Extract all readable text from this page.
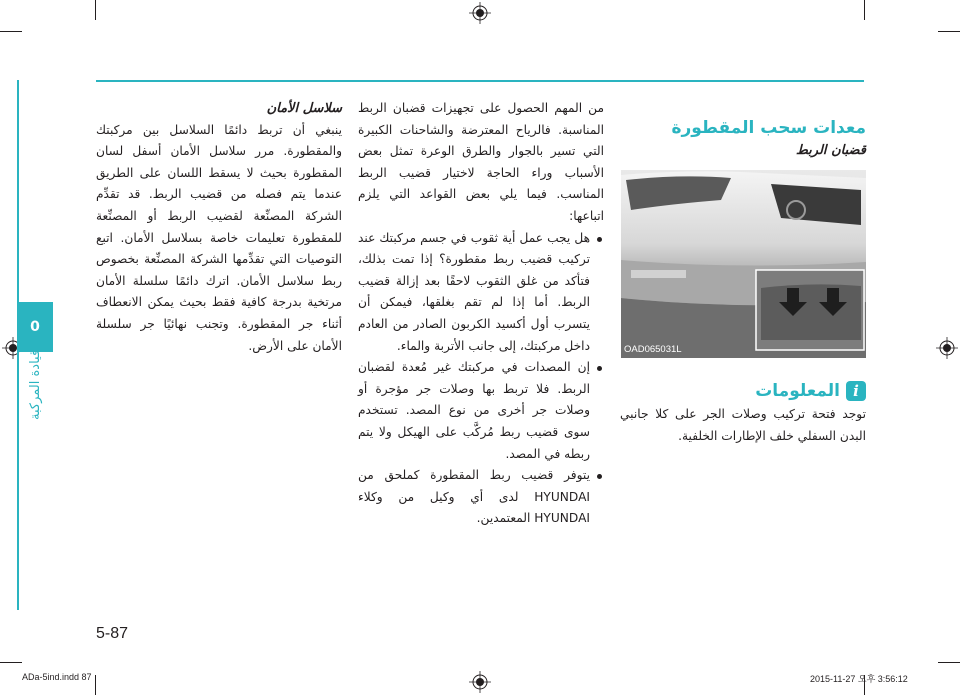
0
قيادة المركبة
معدات سحب المقطورة
قضبان الربط
OAD065031L
i
المعلومات

توجد فتحة تركيب وصلات الجر على كلا جانبي البدن السفلي خلف الإطارات الخلفية.

من المهم الحصول على تجهيزات قضبان الربط المناسبة. فالرياح المعترضة والشاحنات الكبيرة التي تسير بالجوار والطرق الوعرة تمثل بعض الأسباب وراء الحاجة لاختيار قضيب الربط المناسب. فيما يلي بعض القواعد التي يلزم اتباعها:

هل يجب عمل أية ثقوب في جسم مركبتك عند تركيب قضيب ربط مقطورة؟ إذا تمت بذلك، فتأكد من غلق الثقوب لاحقًا بعد إزالة قضيب الربط. أما إذا لم تقم بغلقها، فيمكن أن يتسرب أول أكسيد الكربون الصادر من العادم داخل مركبتك، إلى جانب الأتربة والماء.
إن المصدات في مركبتك غير مُعدة لقضبان الربط. فلا تربط بها وصلات جر مؤجرة أو وصلات جر أخرى من نوع المصد. تستخدم سوى قضيب ربط مُركَّب على الهيكل ولا يتم ربطه في المصد.
يتوفر قضيب ربط المقطورة كملحق من HYUNDAI لدى أي وكيل من وكلاء HYUNDAI المعتمدين.
سلاسل الأمان

ينبغي أن تربط دائمًا السلاسل بين مركبتك والمقطورة. مرر سلاسل الأمان أسفل لسان المقطورة بحيث لا يسقط اللسان على الطريق عندما يتم فصله من قضيب الربط. قد تقدِّم الشركة المصنِّعة لقضيب الربط أو المصنِّعة للمقطورة تعليمات خاصة بسلاسل الأمان. اتبع التوصيات التي تقدِّمها الشركة المصنِّعة بخصوص ربط سلاسل الأمان. اترك دائمًا سلسلة الأمان مرتخية بدرجة كافية فقط بحيث يمكن الانعطاف أثناء جر المقطورة. وتجنب نهائيًا جر سلسلة الأمان على الأرض.

5-87
ADa-5ind.indd 87	2015-11-27 오후 3:56:12
